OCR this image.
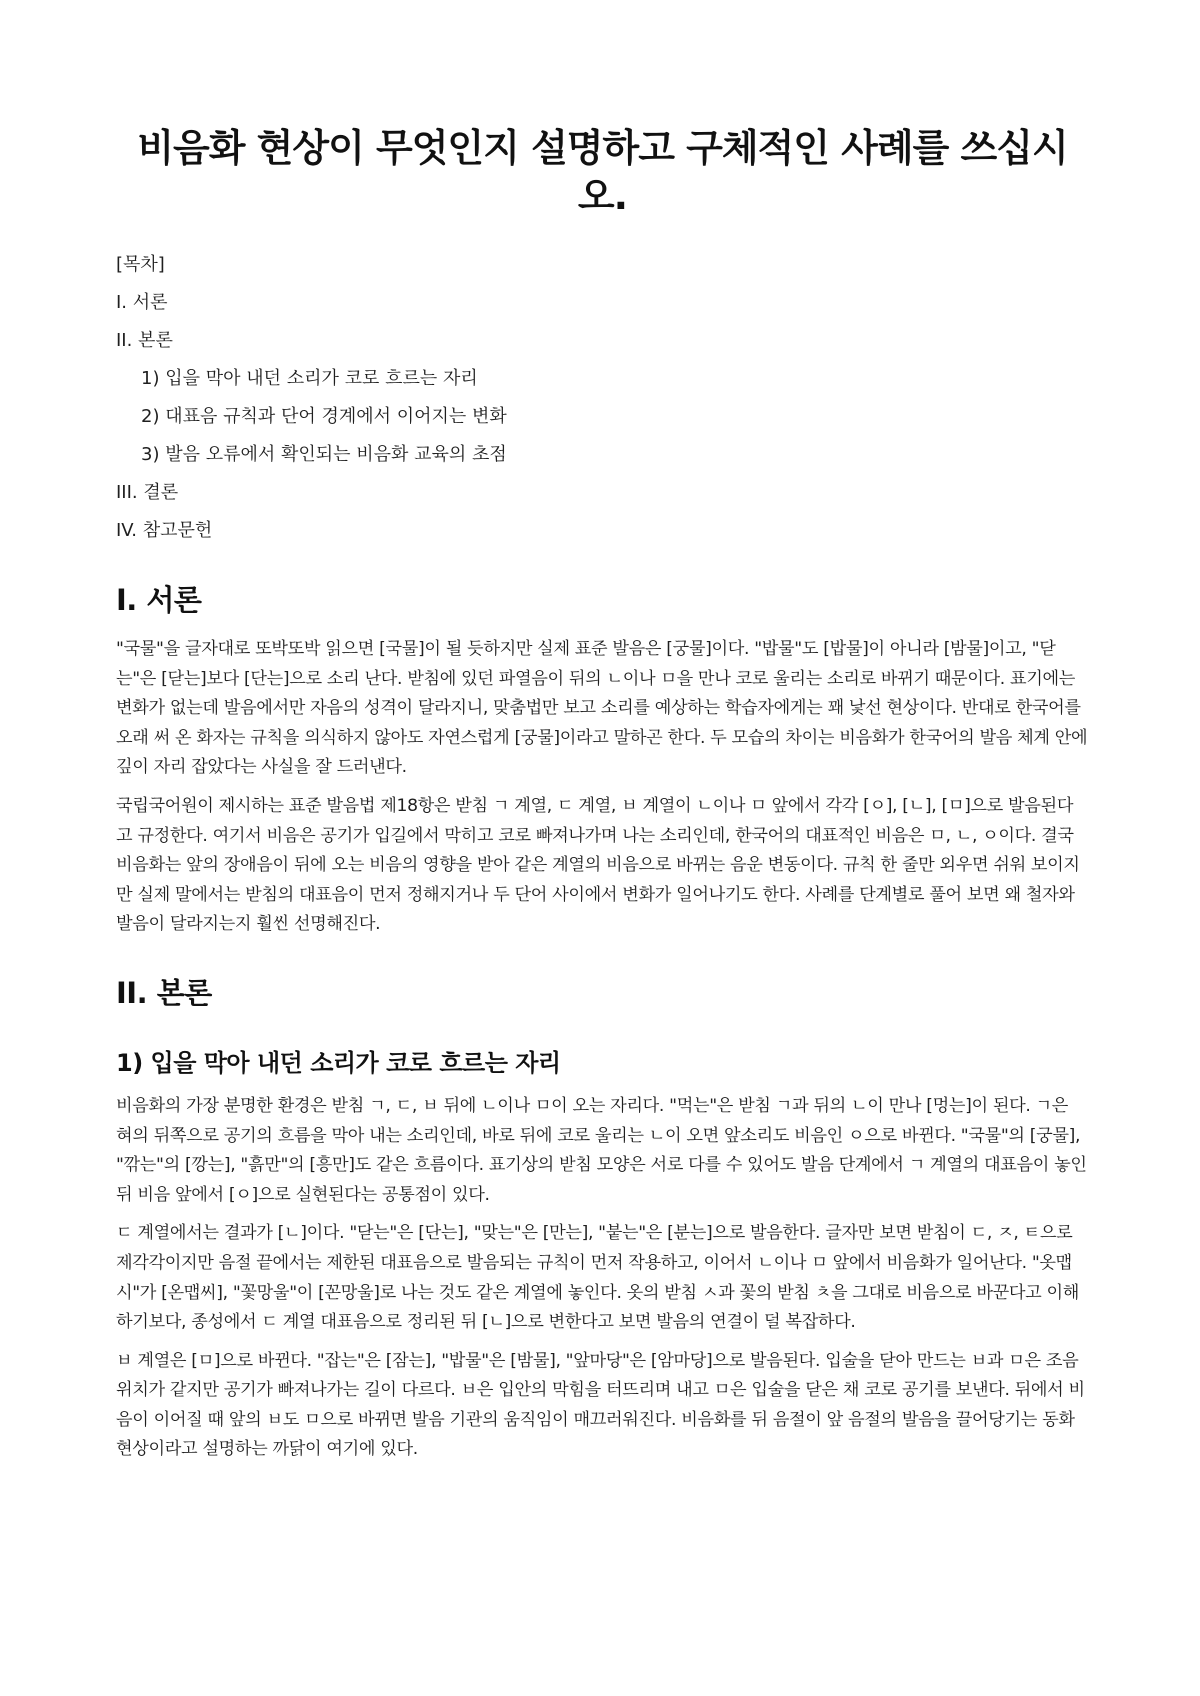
비음화 현상이 무엇인지 설명하고 구체적인 사례를 쓰십시오.
[목차]
I. 서론
II. 본론
1) 입을 막아 내던 소리가 코로 흐르는 자리
2) 대표음 규칙과 단어 경계에서 이어지는 변화
3) 발음 오류에서 확인되는 비음화 교육의 초점
III. 결론
IV. 참고문헌
I. 서론

"국물"을 글자대로 또박또박 읽으면 [국물]이 될 듯하지만 실제 표준 발음은 [궁물]이다. "밥물"도 [밥물]이 아니라 [밤물]이고, "닫는"은 [닫는]보다 [단는]으로 소리 난다. 받침에 있던 파열음이 뒤의 ㄴ이나 ㅁ을 만나 코로 울리는 소리로 바뀌기 때문이다. 표기에는 변화가 없는데 발음에서만 자음의 성격이 달라지니, 맞춤법만 보고 소리를 예상하는 학습자에게는 꽤 낯선 현상이다. 반대로 한국어를 오래 써 온 화자는 규칙을 의식하지 않아도 자연스럽게 [궁물]이라고 말하곤 한다. 두 모습의 차이는 비음화가 한국어의 발음 체계 안에 깊이 자리 잡았다는 사실을 잘 드러낸다.

국립국어원이 제시하는 표준 발음법 제18항은 받침 ㄱ 계열, ㄷ 계열, ㅂ 계열이 ㄴ이나 ㅁ 앞에서 각각 [ㅇ], [ㄴ], [ㅁ]으로 발음된다고 규정한다. 여기서 비음은 공기가 입길에서 막히고 코로 빠져나가며 나는 소리인데, 한국어의 대표적인 비음은 ㅁ, ㄴ, ㅇ이다. 결국 비음화는 앞의 장애음이 뒤에 오는 비음의 영향을 받아 같은 계열의 비음으로 바뀌는 음운 변동이다. 규칙 한 줄만 외우면 쉬워 보이지만 실제 말에서는 받침의 대표음이 먼저 정해지거나 두 단어 사이에서 변화가 일어나기도 한다. 사례를 단계별로 풀어 보면 왜 철자와 발음이 달라지는지 훨씬 선명해진다.

II. 본론
1) 입을 막아 내던 소리가 코로 흐르는 자리

비음화의 가장 분명한 환경은 받침 ㄱ, ㄷ, ㅂ 뒤에 ㄴ이나 ㅁ이 오는 자리다. "먹는"은 받침 ㄱ과 뒤의 ㄴ이 만나 [멍는]이 된다. ㄱ은 혀의 뒤쪽으로 공기의 흐름을 막아 내는 소리인데, 바로 뒤에 코로 울리는 ㄴ이 오면 앞소리도 비음인 ㅇ으로 바뀐다. "국물"의 [궁물], "깎는"의 [깡는], "흙만"의 [흥만]도 같은 흐름이다. 표기상의 받침 모양은 서로 다를 수 있어도 발음 단계에서 ㄱ 계열의 대표음이 놓인 뒤 비음 앞에서 [ㅇ]으로 실현된다는 공통점이 있다.

ㄷ 계열에서는 결과가 [ㄴ]이다. "닫는"은 [단는], "맞는"은 [만는], "붙는"은 [분는]으로 발음한다. 글자만 보면 받침이 ㄷ, ㅈ, ㅌ으로 제각각이지만 음절 끝에서는 제한된 대표음으로 발음되는 규칙이 먼저 작용하고, 이어서 ㄴ이나 ㅁ 앞에서 비음화가 일어난다. "옷맵시"가 [온맵씨], "꽃망울"이 [꼰망울]로 나는 것도 같은 계열에 놓인다. 옷의 받침 ㅅ과 꽃의 받침 ㅊ을 그대로 비음으로 바꾼다고 이해하기보다, 종성에서 ㄷ 계열 대표음으로 정리된 뒤 [ㄴ]으로 변한다고 보면 발음의 연결이 덜 복잡하다.

ㅂ 계열은 [ㅁ]으로 바뀐다. "잡는"은 [잠는], "밥물"은 [밤물], "앞마당"은 [암마당]으로 발음된다. 입술을 닫아 만드는 ㅂ과 ㅁ은 조음 위치가 같지만 공기가 빠져나가는 길이 다르다. ㅂ은 입안의 막힘을 터뜨리며 내고 ㅁ은 입술을 닫은 채 코로 공기를 보낸다. 뒤에서 비음이 이어질 때 앞의 ㅂ도 ㅁ으로 바뀌면 발음 기관의 움직임이 매끄러워진다. 비음화를 뒤 음절이 앞 음절의 발음을 끌어당기는 동화 현상이라고 설명하는 까닭이 여기에 있다.
